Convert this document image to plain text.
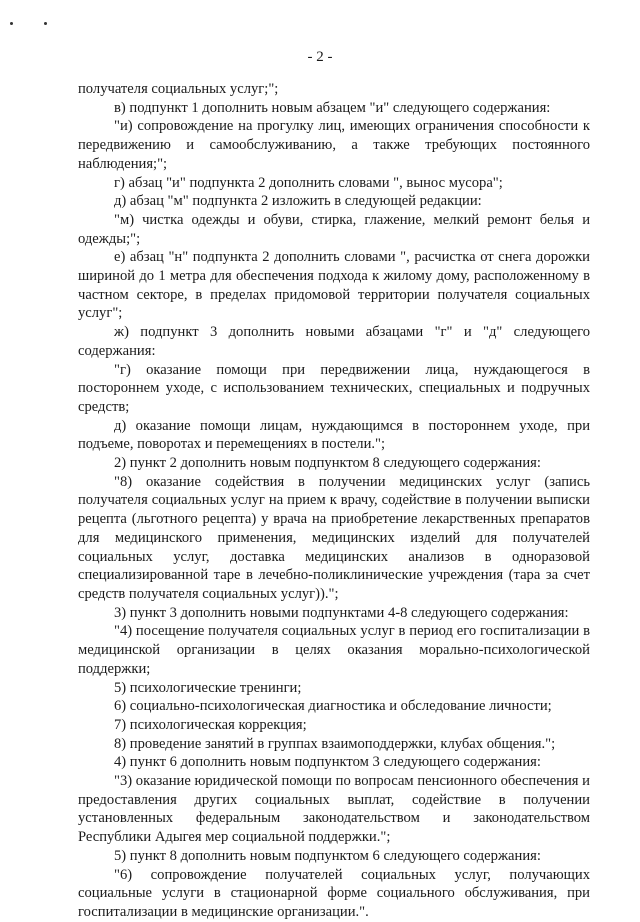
- 2 -

получателя социальных услуг;";

в) подпункт 1 дополнить новым абзацем "и" следующего содержания:

"и) сопровождение на прогулку лиц, имеющих ограничения способности к передвижению и самообслуживанию, а также требующих постоянного наблюдения;";

г) абзац "и" подпункта 2 дополнить словами ", вынос мусора";

д) абзац "м" подпункта 2 изложить в следующей редакции:

"м) чистка одежды и обуви, стирка, глажение, мелкий ремонт белья и одежды;";

е) абзац "н" подпункта 2 дополнить словами ", расчистка от снега дорожки шириной до 1 метра для обеспечения подхода к жилому дому, расположенному в частном секторе, в пределах придомовой территории получателя социальных услуг";

ж) подпункт 3 дополнить новыми абзацами "г" и "д" следующего содержания:

"г) оказание помощи при передвижении лица, нуждающегося в постороннем уходе, с использованием технических, специальных и подручных средств;

д) оказание помощи лицам, нуждающимся в постороннем уходе, при подъеме, поворотах и перемещениях в постели.";

2) пункт 2 дополнить новым подпунктом 8 следующего содержания:

"8) оказание содействия в получении медицинских услуг (запись получателя социальных услуг на прием к врачу, содействие в получении выписки рецепта (льготного рецепта) у врача на приобретение лекарственных препаратов для медицинского применения, медицинских изделий для получателей социальных услуг, доставка медицинских анализов в одноразовой специализированной таре в лечебно-поликлинические учреждения (тара за счет средств получателя социальных услуг)).";

3) пункт 3 дополнить новыми подпунктами 4-8 следующего содержания:

"4) посещение получателя социальных услуг в период его госпитализации в медицинской организации в целях оказания морально-психологической поддержки;

5) психологические тренинги;

6) социально-психологическая диагностика и обследование личности;

7) психологическая коррекция;

8) проведение занятий в группах взаимоподдержки, клубах общения.";

4) пункт 6 дополнить новым подпунктом 3 следующего содержания:

"3) оказание юридической помощи по вопросам пенсионного обеспечения и предоставления других социальных выплат, содействие в получении установленных федеральным законодательством и законодательством Республики Адыгея мер социальной поддержки.";

5) пункт 8 дополнить новым подпунктом 6 следующего содержания:

"6) сопровождение получателей социальных услуг, получающих социальные услуги в стационарной форме социального обслуживания, при госпитализации в медицинские организации.".
